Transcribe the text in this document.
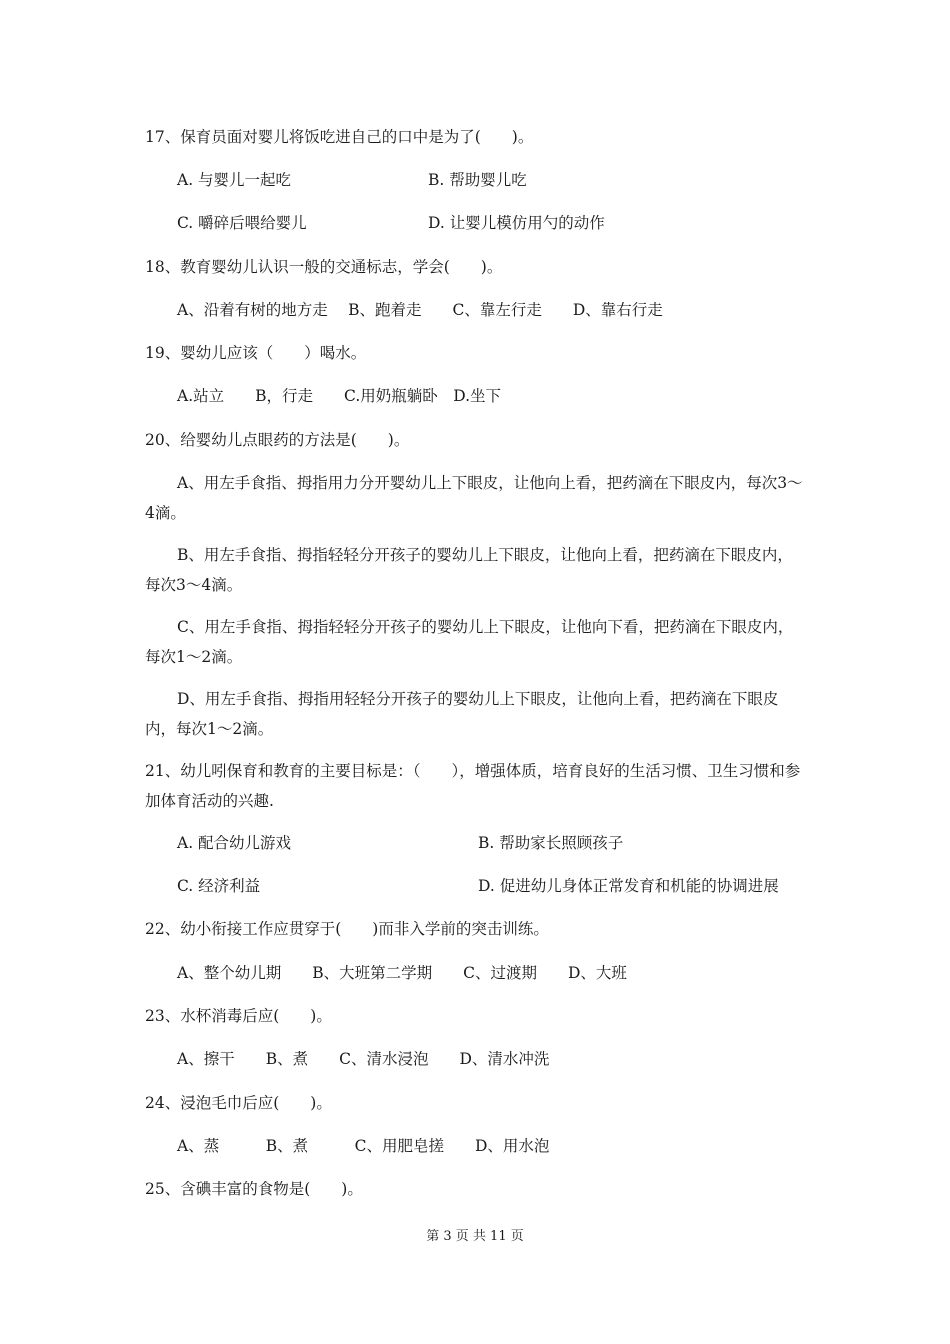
17、保育员面对婴儿将饭吃进自己的口中是为了(　　)。
A. 与婴儿一起吃	B. 帮助婴儿吃
C. 嚼碎后喂给婴儿	D. 让婴儿模仿用勺的动作
18、教育婴幼儿认识一般的交通标志，学会(　　)。
A、沿着有树的地方走　 B、跑着走　　C、靠左行走　　D、靠右行走
19、婴幼儿应该（　　）喝水。
A.站立　　B，行走　　C.用奶瓶躺卧　D.坐下
20、给婴幼儿点眼药的方法是(　　)。
A、用左手食指、拇指用力分开婴幼儿上下眼皮，让他向上看，把药滴在下眼皮内，每次3～4滴。
B、用左手食指、拇指轻轻分开孩子的婴幼儿上下眼皮，让他向上看，把药滴在下眼皮内，每次3～4滴。
C、用左手食指、拇指轻轻分开孩子的婴幼儿上下眼皮，让他向下看，把药滴在下眼皮内，每次1～2滴。
D、用左手食指、拇指用轻轻分开孩子的婴幼儿上下眼皮，让他向上看，把药滴在下眼皮内，每次1～2滴。
21、幼儿吲保育和教育的主要目标是：（　　），增强体质，培育良好的生活习惯、卫生习惯和参加体育活动的兴趣.
A. 配合幼儿游戏	B. 帮助家长照顾孩子
C. 经济利益	D. 促进幼儿身体正常发育和机能的协调进展
22、幼小衔接工作应贯穿于(　　)而非入学前的突击训练。
A、整个幼儿期　　B、大班第二学期　　C、过渡期　　D、大班
23、水杯消毒后应(　　)。
A、擦干　　B、煮　　C、清水浸泡　　D、清水冲洗
24、浸泡毛巾后应(　　)。
A、蒸　　　B、煮　　　C、用肥皂搓　　D、用水泡
25、含碘丰富的食物是(　　)。
第 3 页 共 11 页
